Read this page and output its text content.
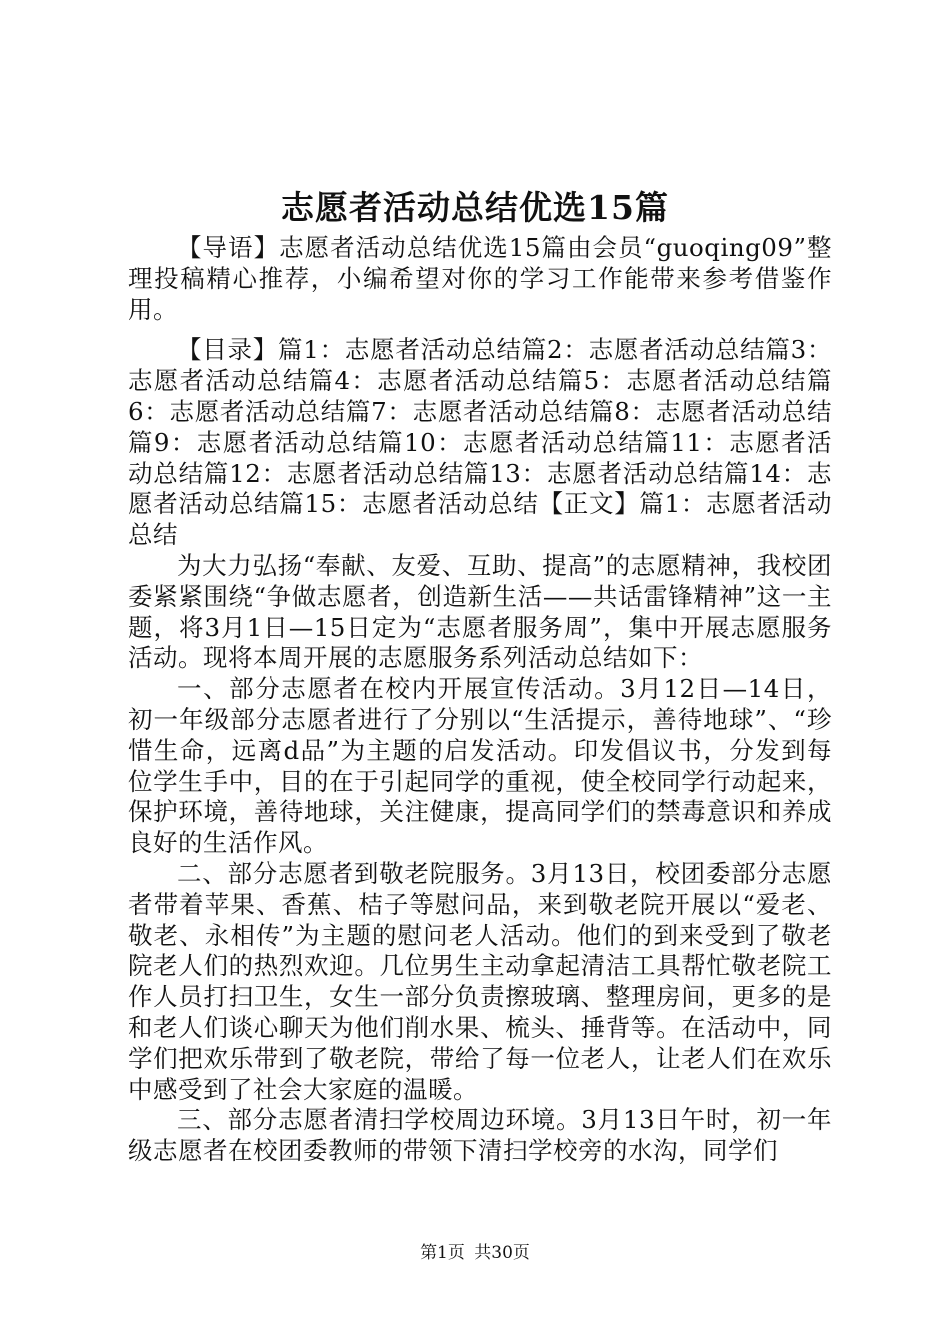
志愿者活动总结优选15篇

【导语】志愿者活动总结优选15篇由会员“guoqing09”整理投稿精心推荐，小编希望对你的学习工作能带来参考借鉴作用。

【目录】篇1：志愿者活动总结篇2：志愿者活动总结篇3：志愿者活动总结篇4：志愿者活动总结篇5：志愿者活动总结篇6：志愿者活动总结篇7：志愿者活动总结篇8：志愿者活动总结篇9：志愿者活动总结篇10：志愿者活动总结篇11：志愿者活动总结篇12：志愿者活动总结篇13：志愿者活动总结篇14：志愿者活动总结篇15：志愿者活动总结【正文】篇1：志愿者活动总结

为大力弘扬“奉献、友爱、互助、提高”的志愿精神，我校团委紧紧围绕“争做志愿者，创造新生活——共话雷锋精神”这一主题，将3月1日—15日定为“志愿者服务周”，集中开展志愿服务活动。现将本周开展的志愿服务系列活动总结如下：

一、部分志愿者在校内开展宣传活动。3月12日—14日，初一年级部分志愿者进行了分别以“生活提示，善待地球”、“珍惜生命，远离d品”为主题的启发活动。印发倡议书，分发到每位学生手中，目的在于引起同学的重视，使全校同学行动起来，保护环境，善待地球，关注健康，提高同学们的禁毒意识和养成良好的生活作风。

二、部分志愿者到敬老院服务。3月13日，校团委部分志愿者带着苹果、香蕉、桔子等慰问品，来到敬老院开展以“爱老、敬老、永相传”为主题的慰问老人活动。他们的到来受到了敬老院老人们的热烈欢迎。几位男生主动拿起清洁工具帮忙敬老院工作人员打扫卫生，女生一部分负责擦玻璃、整理房间，更多的是和老人们谈心聊天为他们削水果、梳头、捶背等。在活动中，同学们把欢乐带到了敬老院，带给了每一位老人，让老人们在欢乐中感受到了社会大家庭的温暖。

三、部分志愿者清扫学校周边环境。3月13日午时，初一年级志愿者在校团委教师的带领下清扫学校旁的水沟，同学们

第1页 共30页
